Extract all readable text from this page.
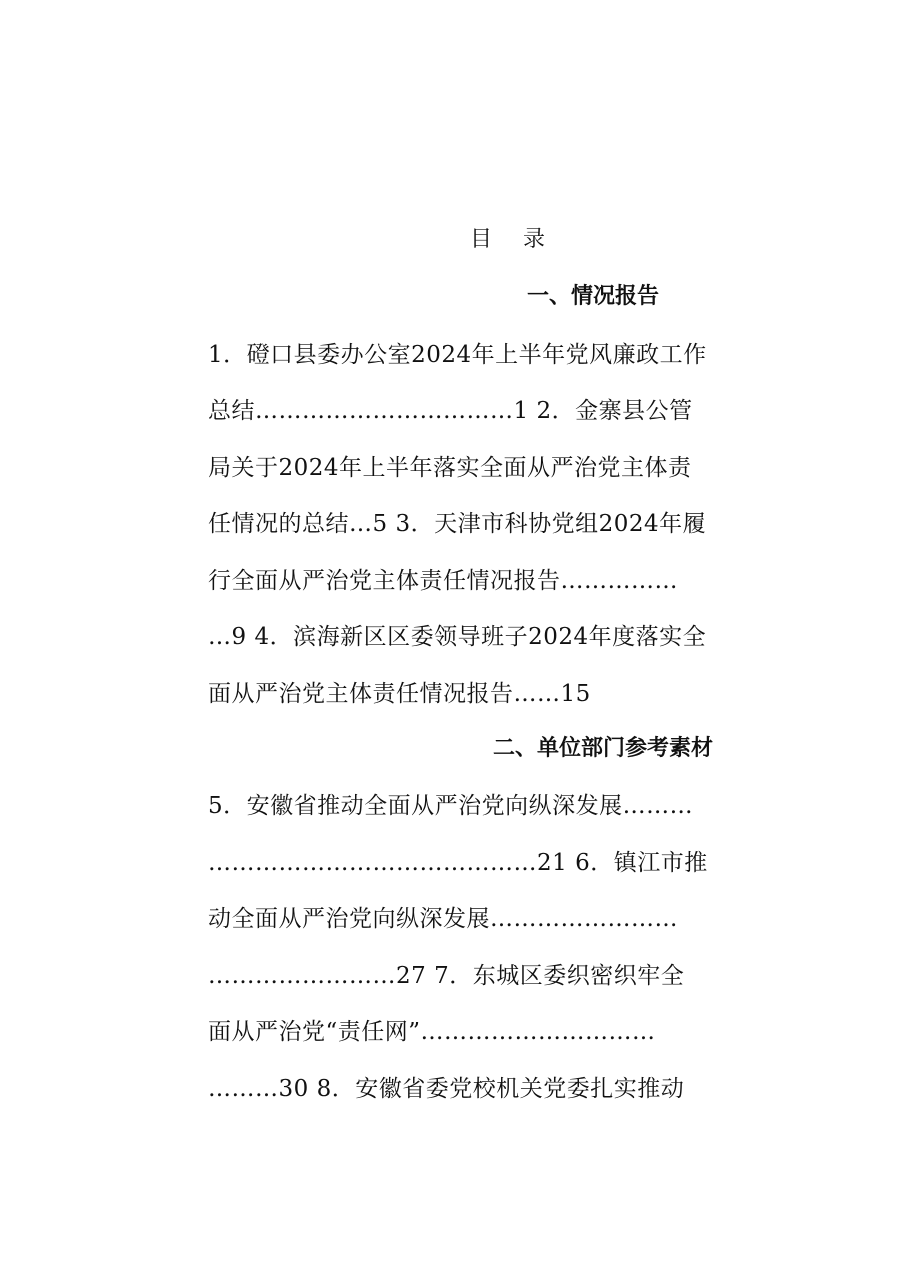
目 录
一、情况报告
1．磴口县委办公室2024年上半年党风廉政工作
总结……………………………1 2．金寨县公管
局关于2024年上半年落实全面从严治党主体责
任情况的总结…5 3．天津市科协党组2024年履
行全面从严治党主体责任情况报告……………
…9 4．滨海新区区委领导班子2024年度落实全
面从严治党主体责任情况报告……15
二、单位部门参考素材
5．安徽省推动全面从严治党向纵深发展………
……………………………………21 6．镇江市推
动全面从严治党向纵深发展……………………
……………………27 7．东城区委织密织牢全
面从严治党“责任网”…………………………
………30 8．安徽省委党校机关党委扎实推动
